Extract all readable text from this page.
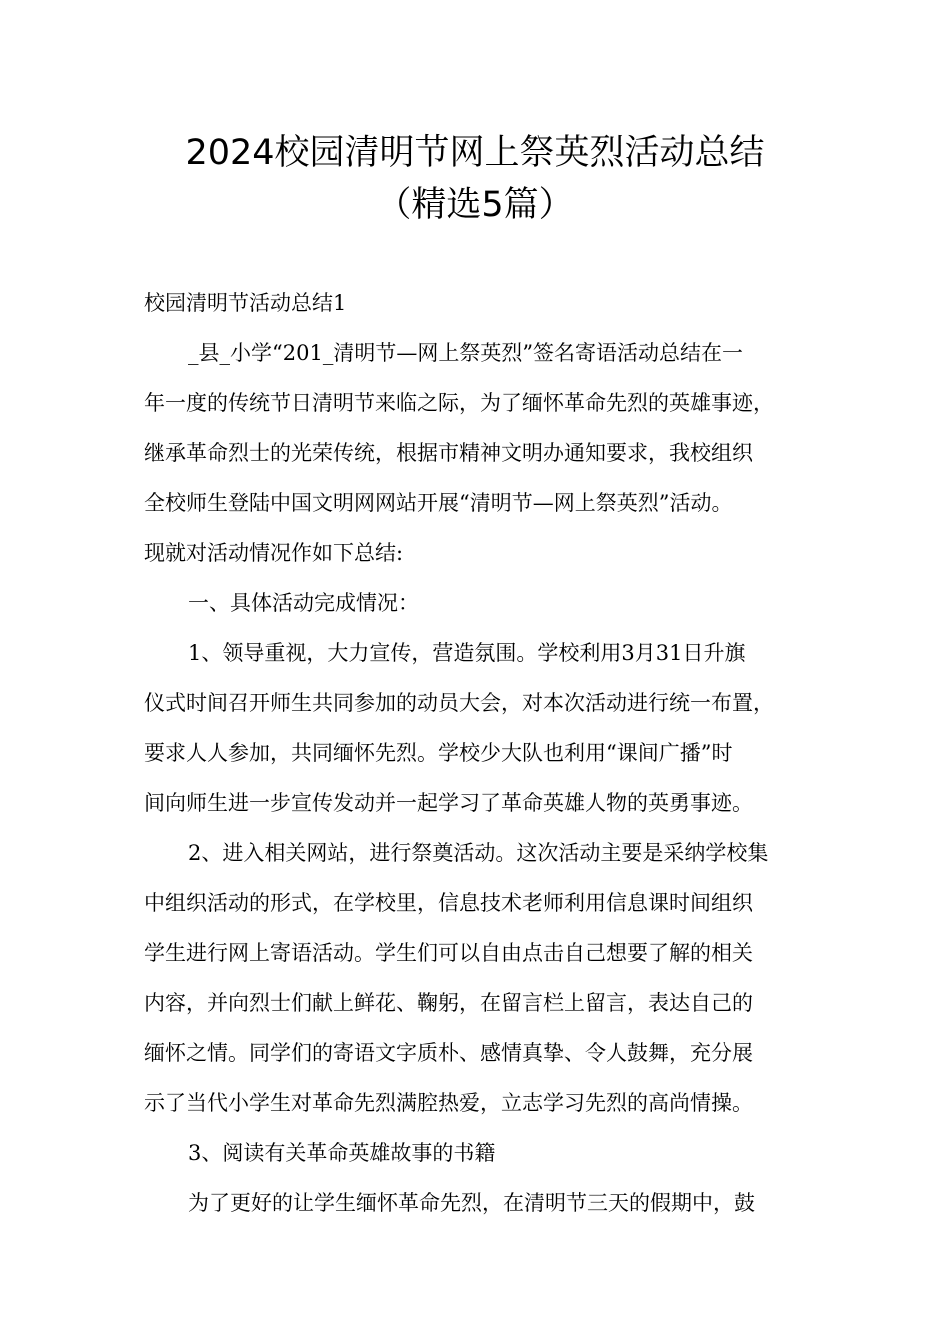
2024校园清明节网上祭英烈活动总结
（精选5篇）

校园清明节活动总结1

_县_小学“201_清明节—网上祭英烈”签名寄语活动总结在一

年一度的传统节日清明节来临之际，为了缅怀革命先烈的英雄事迹，

继承革命烈士的光荣传统，根据市精神文明办通知要求，我校组织

全校师生登陆中国文明网网站开展“清明节—网上祭英烈”活动。

现就对活动情况作如下总结:

一、具体活动完成情况：

1、领导重视，大力宣传，营造氛围。学校利用3月31日升旗

仪式时间召开师生共同参加的动员大会，对本次活动进行统一布置，

要求人人参加，共同缅怀先烈。学校少大队也利用“课间广播”时

间向师生进一步宣传发动并一起学习了革命英雄人物的英勇事迹。

2、进入相关网站，进行祭奠活动。这次活动主要是采纳学校集

中组织活动的形式，在学校里，信息技术老师利用信息课时间组织

学生进行网上寄语活动。学生们可以自由点击自己想要了解的相关

内容，并向烈士们献上鲜花、鞠躬，在留言栏上留言，表达自己的

缅怀之情。同学们的寄语文字质朴、感情真挚、令人鼓舞，充分展

示了当代小学生对革命先烈满腔热爱，立志学习先烈的高尚情操。

3、阅读有关革命英雄故事的书籍

为了更好的让学生缅怀革命先烈，在清明节三天的假期中，鼓
